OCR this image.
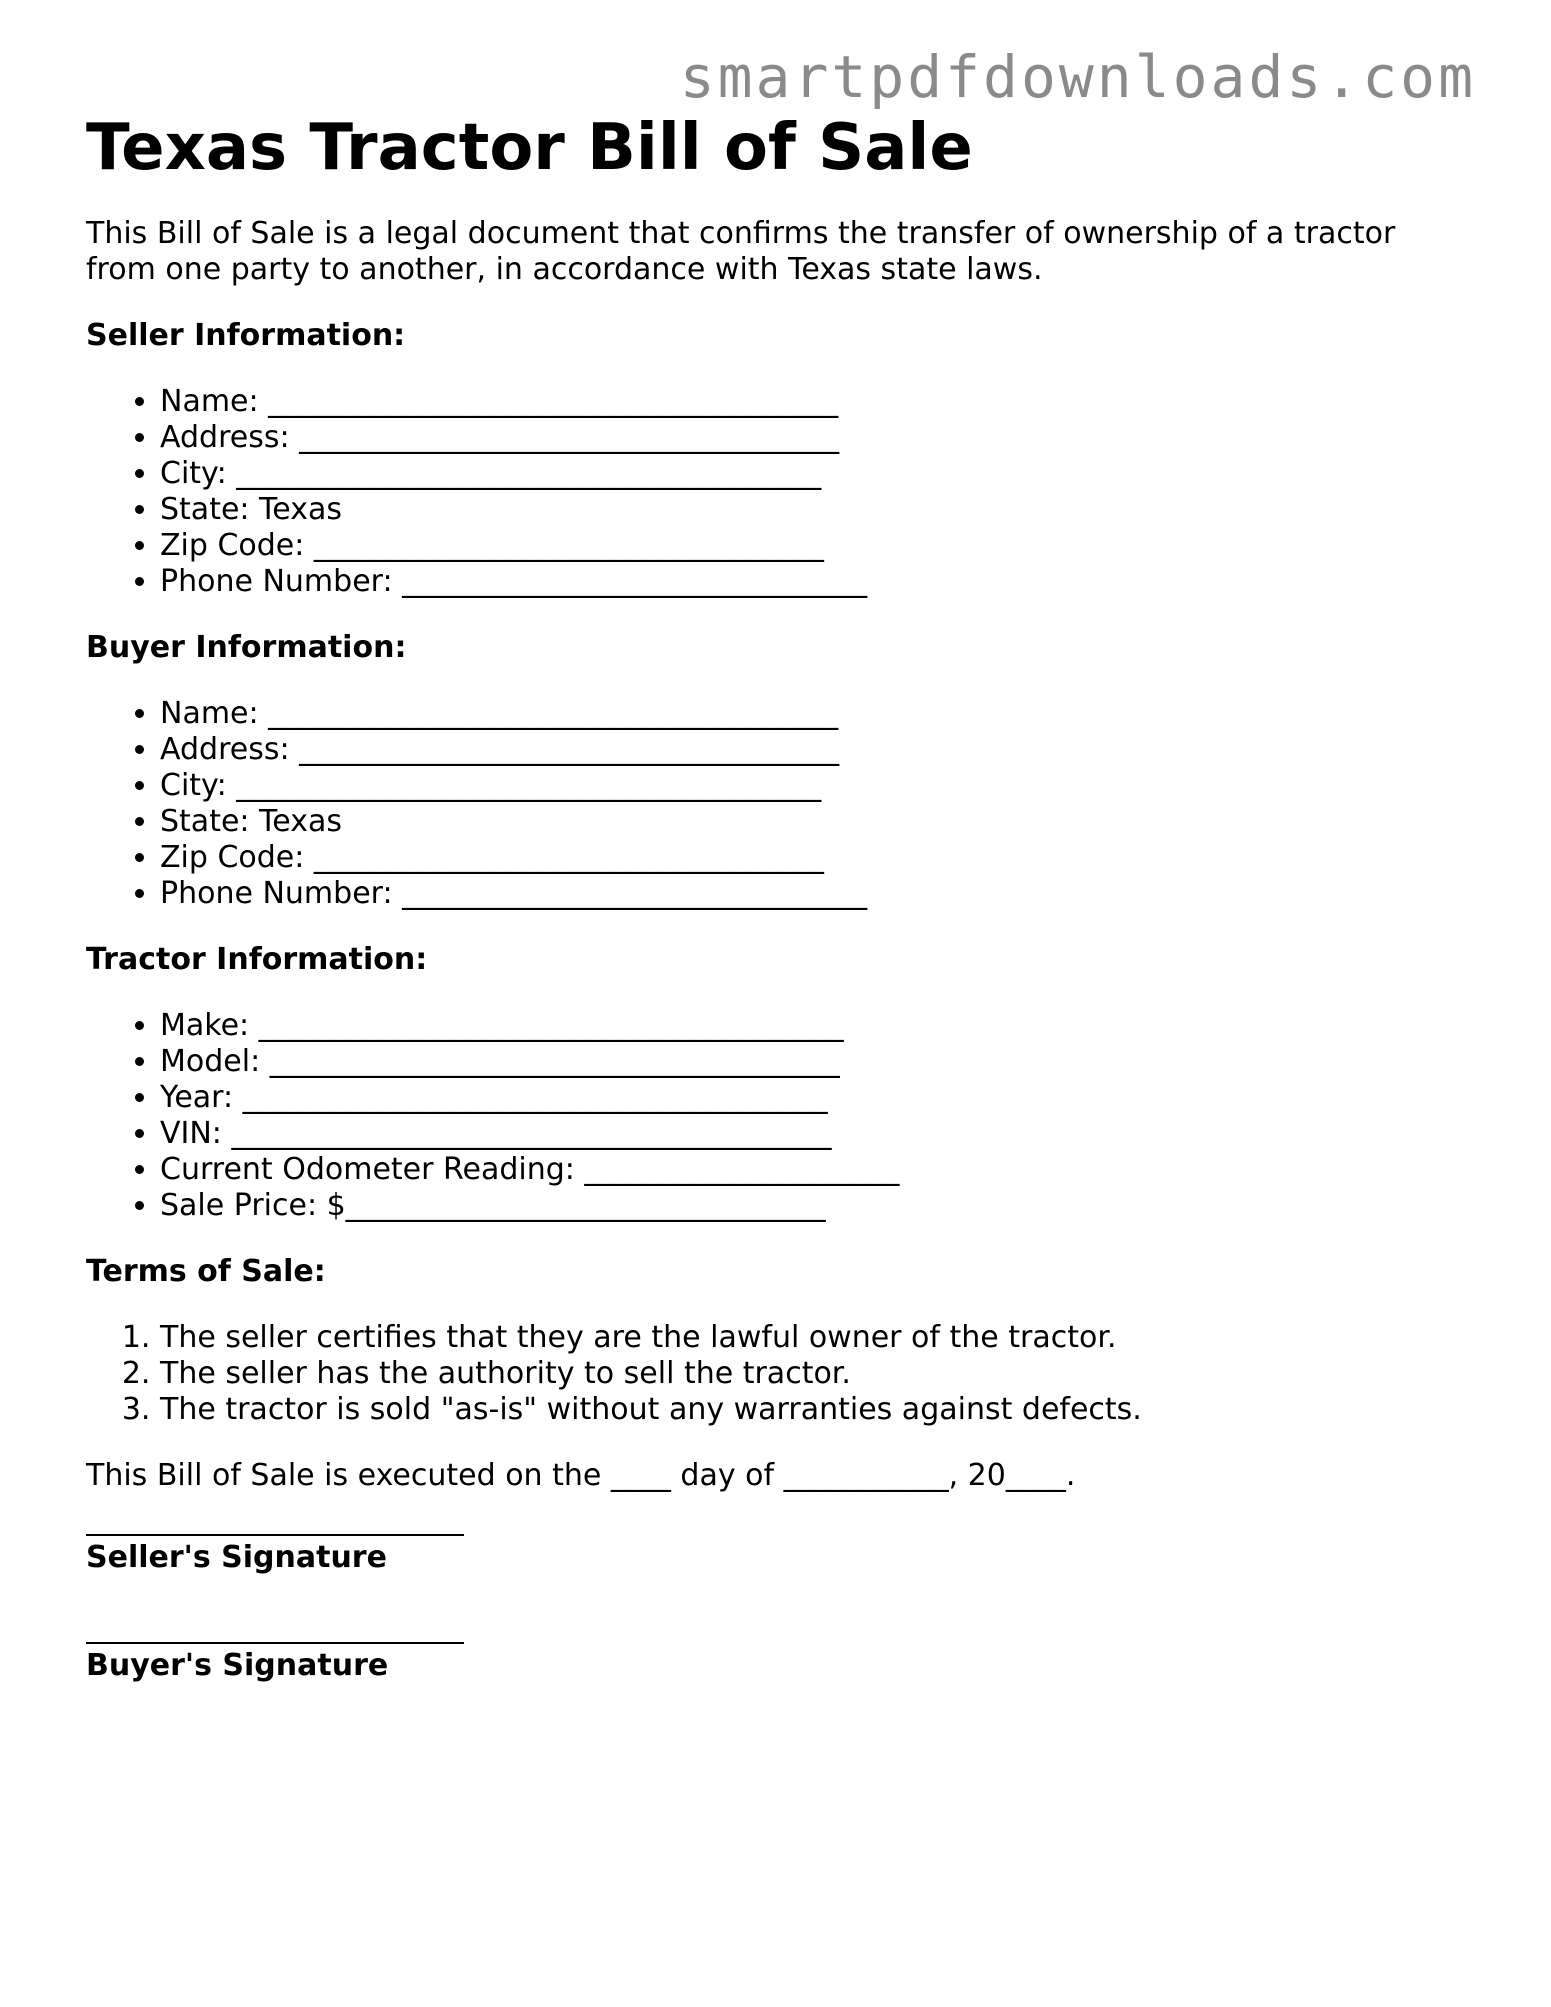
smartpdfdownloads.com
Texas Tractor Bill of Sale

This Bill of Sale is a legal document that confirms the transfer of ownership of a tractor from one party to another, in accordance with Texas state laws.

Seller Information:
• Name: ______________________________________
• Address: ____________________________________
• City: _______________________________________
• State: Texas
• Zip Code: __________________________________
• Phone Number: _______________________________
Buyer Information:
• Name: ______________________________________
• Address: ____________________________________
• City: _______________________________________
• State: Texas
• Zip Code: __________________________________
• Phone Number: _______________________________
Tractor Information:
• Make: _______________________________________
• Model: ______________________________________
• Year: _______________________________________
• VIN: ________________________________________
• Current Odometer Reading: _____________________
• Sale Price: $________________________________
Terms of Sale:
1. The seller certifies that they are the lawful owner of the tractor.
2. The seller has the authority to sell the tractor.
3. The tractor is sold "as-is" without any warranties against defects.

This Bill of Sale is executed on the ____ day of ___________, 20____.

Seller's Signature
Buyer's Signature
